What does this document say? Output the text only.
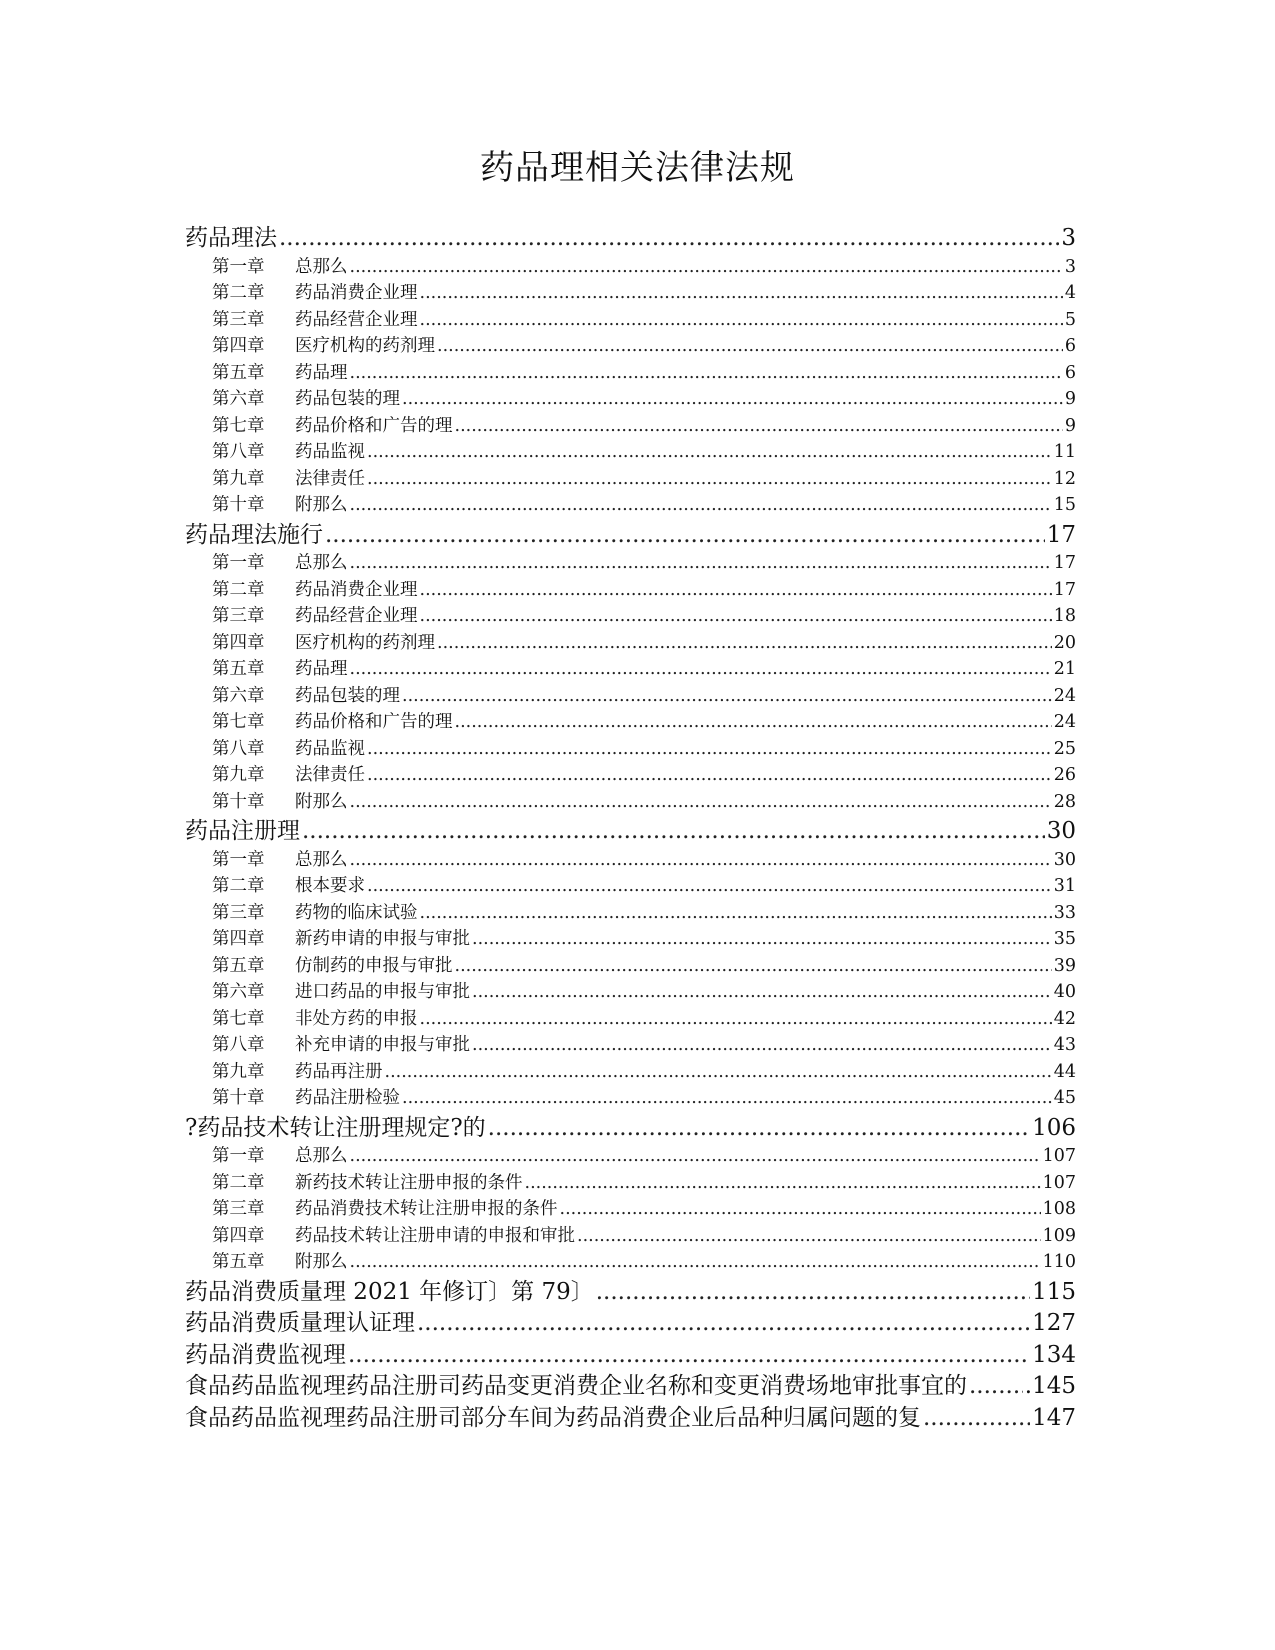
药品理相关法律法规
药品理法 .....	3
第一章	总那么 .....	3
第二章	药品消费企业理 .....	4
第三章	药品经营企业理 .....	5
第四章	医疗机构的药剂理 .....	6
第五章	药品理 .....	6
第六章	药品包装的理 .....	9
第七章	药品价格和广告的理 .....	9
第八章	药品监视 .....	11
第九章	法律责任 .....	12
第十章	附那么 .....	15
药品理法施行 .....	17
第一章	总那么 .....	17
第二章	药品消费企业理 .....	17
第三章	药品经营企业理 .....	18
第四章	医疗机构的药剂理 .....	20
第五章	药品理 .....	21
第六章	药品包装的理 .....	24
第七章	药品价格和广告的理 .....	24
第八章	药品监视 .....	25
第九章	法律责任 .....	26
第十章	附那么 .....	28
药品注册理 .....	30
第一章	总那么 .....	30
第二章	根本要求 .....	31
第三章	药物的临床试验 .....	33
第四章	新药申请的申报与审批 .....	35
第五章	仿制药的申报与审批 .....	39
第六章	进口药品的申报与审批 .....	40
第七章	非处方药的申报 .....	42
第八章	补充申请的申报与审批 .....	43
第九章	药品再注册 .....	44
第十章	药品注册检验 .....	45
?药品技术转让注册理规定?的 .....	106
第一章	总那么 .....	107
第二章	新药技术转让注册申报的条件 .....	107
第三章	药品消费技术转让注册申报的条件 .....	108
第四章	药品技术转让注册申请的申报和审批 .....	109
第五章	附那么 .....	110
药品消费质量理 2021 年修订〕第 79〕 .....	115
药品消费质量理认证理 .....	127
药品消费监视理 .....	134
食品药品监视理药品注册司药品变更消费企业名称和变更消费场地审批事宜的 .....	.145
食品药品监视理药品注册司部分车间为药品消费企业后品种归属问题的复 .....	147
